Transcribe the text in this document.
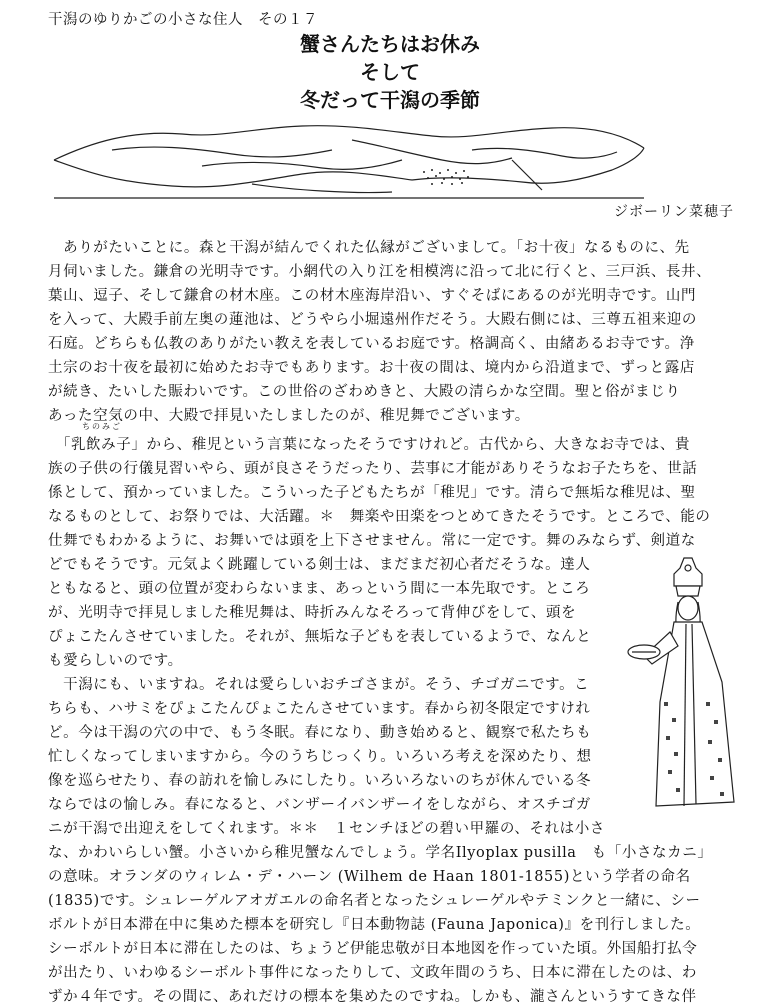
干潟のゆりかごの小さな住人　その１７
蟹さんたちはお休み
そして
冬だって干潟の季節
ジボーリン菜穂子
ちのみご
　ありがたいことに。森と干潟が結んでくれた仏縁がございまして。「お十夜」なるものに、先
月伺いました。鎌倉の光明寺です。小網代の入り江を相模湾に沿って北に行くと、三戸浜、長井、
葉山、逗子、そして鎌倉の材木座。この材木座海岸沿い、すぐそばにあるのが光明寺です。山門
を入って、大殿手前左奥の蓮池は、どうやら小堀遠州作だそう。大殿右側には、三尊五祖来迎の
石庭。どちらも仏教のありがたい教えを表しているお庭です。格調高く、由緒あるお寺です。浄
土宗のお十夜を最初に始めたお寺でもあります。お十夜の間は、境内から沿道まで、ずっと露店
が続き、たいした賑わいです。この世俗のざわめきと、大殿の清らかな空間。聖と俗がまじり
あった空気の中、大殿で拝見いたしましたのが、稚児舞でございます。
　「乳飲み子」から、稚児という言葉になったそうですけれど。古代から、大きなお寺では、貴
族の子供の行儀見習いやら、頭が良さそうだったり、芸事に才能がありそうなお子たちを、世話
係として、預かっていました。こういった子どもたちが「稚児」です。清らで無垢な稚児は、聖
なるものとして、お祭りでは、大活躍。＊　舞楽や田楽をつとめてきたそうです。ところで、能の
仕舞でもわかるように、お舞いでは頭を上下させません。常に一定です。舞のみならず、剣道な
どでもそうです。元気よく跳躍している剣士は、まだまだ初心者だそうな。達人
ともなると、頭の位置が変わらないまま、あっという間に一本先取です。ところ
が、光明寺で拝見しました稚児舞は、時折みんなそろって背伸びをして、頭を
ぴょこたんさせていました。それが、無垢な子どもを表しているようで、なんと
も愛らしいのです。
　干潟にも、いますね。それは愛らしいおチゴさまが。そう、チゴガニです。こ
ちらも、ハサミをぴょこたんぴょこたんさせています。春から初冬限定ですけれ
ど。今は干潟の穴の中で、もう冬眠。春になり、動き始めると、観察で私たちも
忙しくなってしまいますから。今のうちじっくり。いろいろ考えを深めたり、想
像を巡らせたり、春の訪れを愉しみにしたり。いろいろないのちが休んでいる冬
ならではの愉しみ。春になると、バンザーイバンザーイをしながら、オスチゴガ
ニが干潟で出迎えをしてくれます。＊＊　１センチほどの碧い甲羅の、それは小さ
な、かわいらしい蟹。小さいから稚児蟹なんでしょう。学名Ilyoplax pusilla　も「小さなカニ」
の意味。オランダのウィレム・デ・ハーン (Wilhem de Haan 1801-1855)という学者の命名
(1835)です。シュレーゲルアオガエルの命名者となったシュレーゲルやテミンクと一緒に、シー
ボルトが日本滞在中に集めた標本を研究し『日本動物誌 (Fauna Japonica)』を刊行しました。
シーボルトが日本に滞在したのは、ちょうど伊能忠敬が日本地図を作っていた頃。外国船打払令
が出たり、いわゆるシーボルト事件になったりして、文政年間のうち、日本に滞在したのは、わ
ずか４年です。その間に、あれだけの標本を集めたのですね。しかも、瀧さんというすてきな伴
